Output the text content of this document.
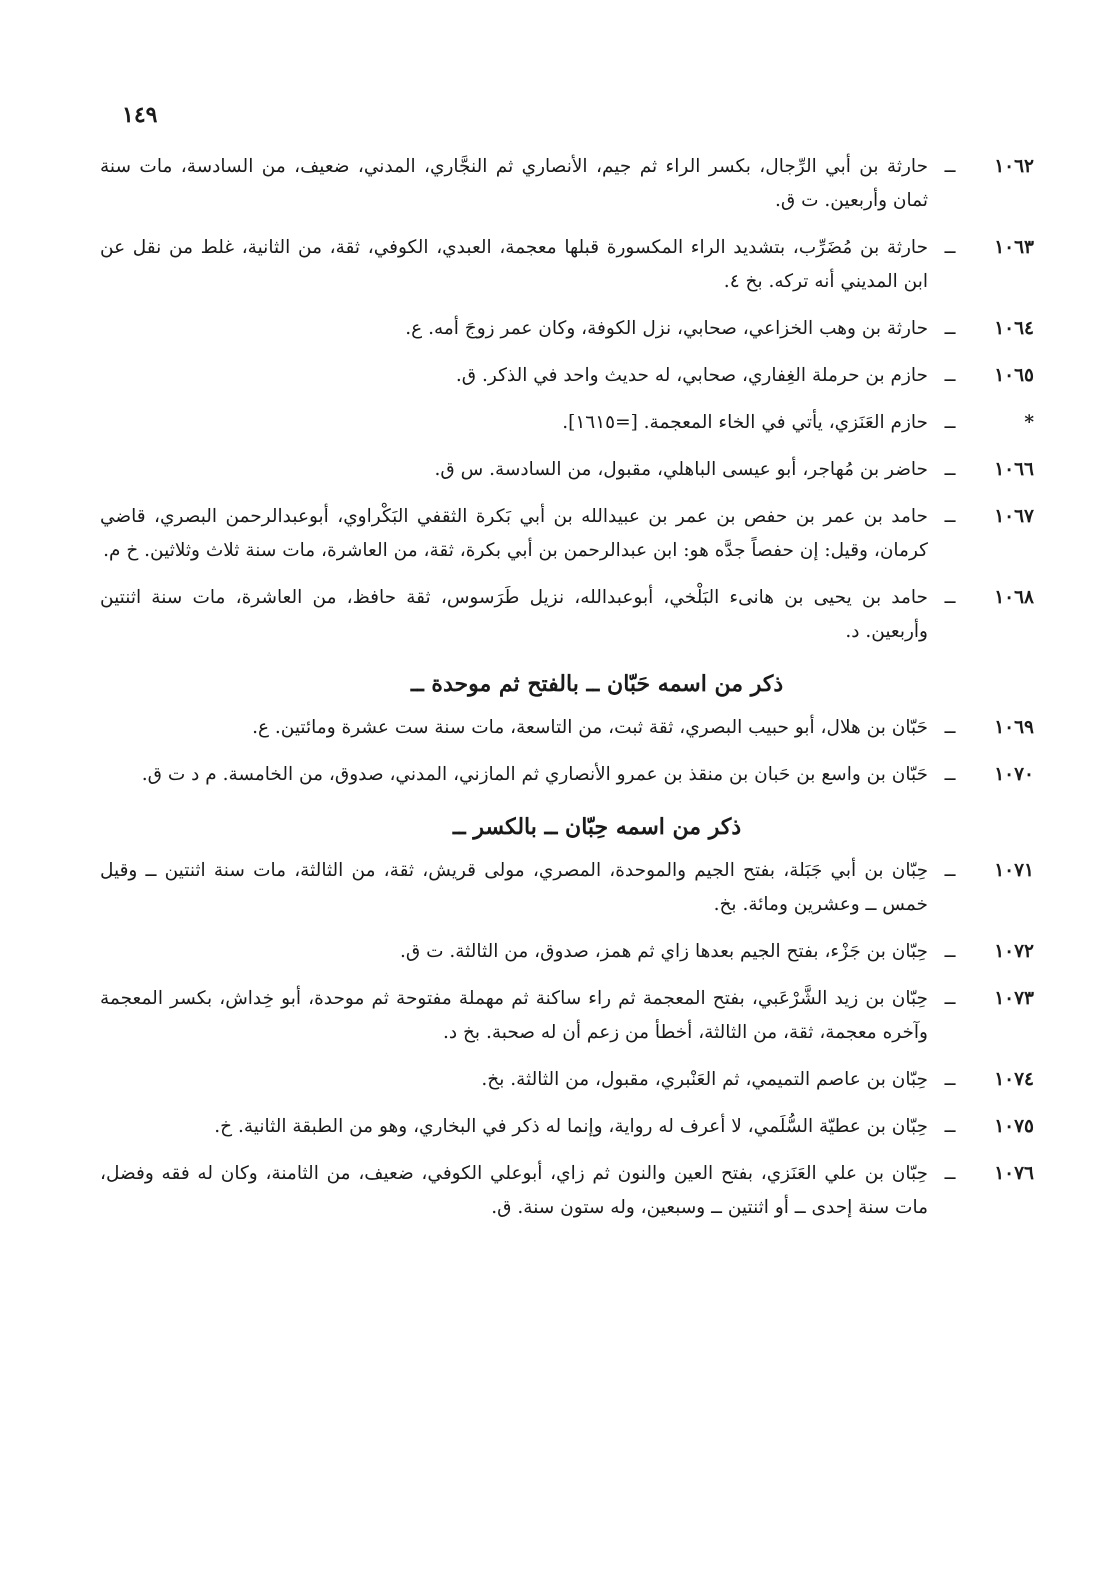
١٤٩
١٠٦٢
ــ
حارثة بن أبي الرِّجال، بكسر الراء ثم جيم، الأنصاري ثم النجَّاري، المدني، ضعيف، من السادسة، مات سنة ثمان وأربعين. ت ق.
١٠٦٣
ــ
حارثة بن مُضَرِّب، بتشديد الراء المكسورة قبلها معجمة، العبدي، الكوفي، ثقة، من الثانية، غلط من نقل عن ابن المديني أنه تركه. بخ ٤.
١٠٦٤
ــ
حارثة بن وهب الخزاعي، صحابي، نزل الكوفة، وكان عمر زوجَ أمه. ع.
١٠٦٥
ــ
حازم بن حرملة الغِفاري، صحابي، له حديث واحد في الذكر. ق.
*
ــ
حازم العَنَزي، يأتي في الخاء المعجمة. [=١٦١٥].
١٠٦٦
ــ
حاضر بن مُهاجر، أبو عيسى الباهلي، مقبول، من السادسة. س ق.
١٠٦٧
ــ
حامد بن عمر بن حفص بن عمر بن عبيدالله بن أبي بَكرة الثقفي البَكْراوي، أبوعبدالرحمن البصري، قاضي كرمان، وقيل: إن حفصاً جدَّه هو: ابن عبدالرحمن بن أبي بكرة، ثقة، من العاشرة، مات سنة ثلاث وثلاثين. خ م.
١٠٦٨
ــ
حامد بن يحيى بن هانىء البَلْخي، أبوعبدالله، نزيل طَرَسوس، ثقة حافظ، من العاشرة، مات سنة اثنتين وأربعين. د.
ذكر من اسمه حَبّان ــ بالفتح ثم موحدة ــ
١٠٦٩
ــ
حَبّان بن هلال، أبو حبيب البصري، ثقة ثبت، من التاسعة، مات سنة ست عشرة ومائتين. ع.
١٠٧٠
ــ
حَبّان بن واسع بن حَبان بن منقذ بن عمرو الأنصاري ثم المازني، المدني، صدوق، من الخامسة. م د ت ق.
ذكر من اسمه حِبّان ــ بالكسر ــ
١٠٧١
ــ
حِبّان بن أبي جَبَلة، بفتح الجيم والموحدة، المصري، مولى قريش، ثقة، من الثالثة، مات سنة اثنتين ــ وقيل خمس ــ وعشرين ومائة. بخ.
١٠٧٢
ــ
حِبّان بن جَزْء، بفتح الجيم بعدها زاي ثم همز، صدوق، من الثالثة. ت ق.
١٠٧٣
ــ
حِبّان بن زيد الشَّرْعَبي، بفتح المعجمة ثم راء ساكنة ثم مهملة مفتوحة ثم موحدة، أبو خِداش، بكسر المعجمة وآخره معجمة، ثقة، من الثالثة، أخطأ من زعم أن له صحبة. بخ د.
١٠٧٤
ــ
حِبّان بن عاصم التميمي، ثم العَنْبري، مقبول، من الثالثة. بخ.
١٠٧٥
ــ
حِبّان بن عطيّة السُّلَمي، لا أعرف له رواية، وإنما له ذكر في البخاري، وهو من الطبقة الثانية. خ.
١٠٧٦
ــ
حِبّان بن علي العَنَزي، بفتح العين والنون ثم زاي، أبوعلي الكوفي، ضعيف، من الثامنة، وكان له فقه وفضل، مات سنة إحدى ــ أو اثنتين ــ وسبعين، وله ستون سنة. ق.
